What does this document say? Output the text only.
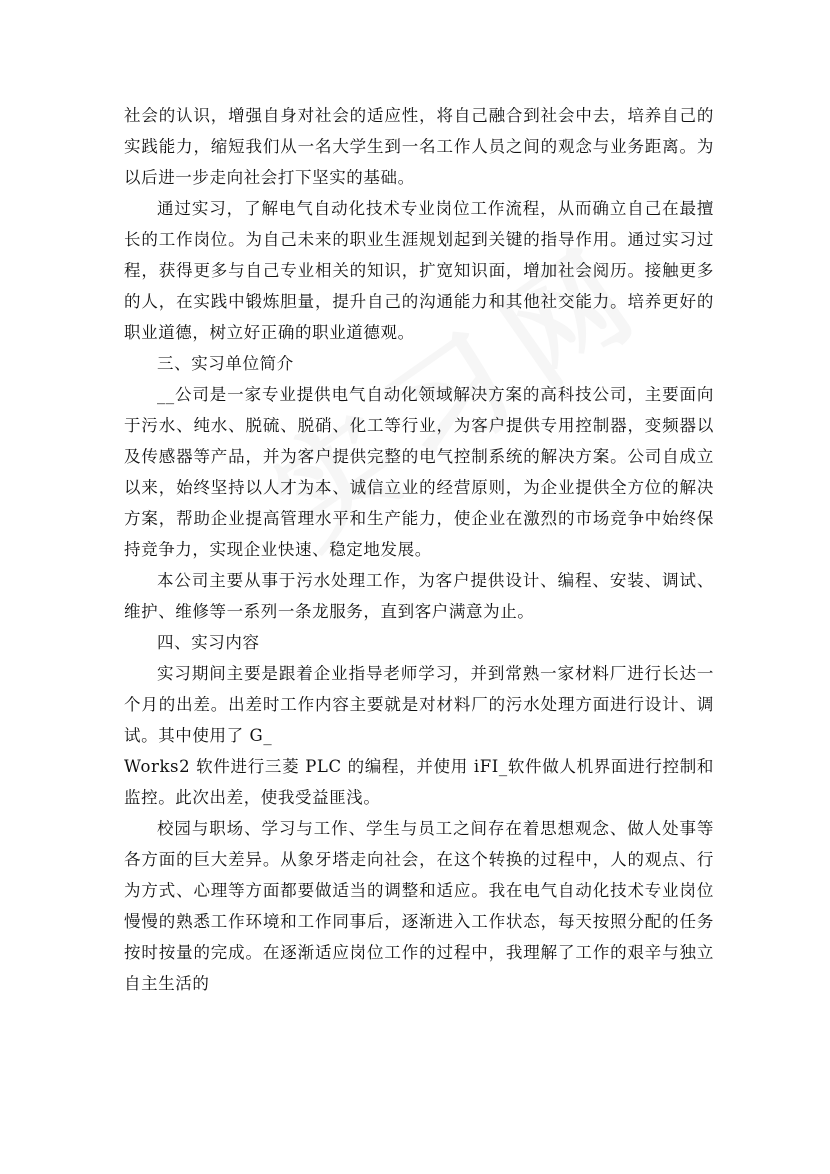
社会的认识，增强自身对社会的适应性，将自己融合到社会中去，培养自己的实践能力，缩短我们从一名大学生到一名工作人员之间的观念与业务距离。为以后进一步走向社会打下坚实的基础。

通过实习，了解电气自动化技术专业岗位工作流程，从而确立自己在最擅长的工作岗位。为自己未来的职业生涯规划起到关键的指导作用。通过实习过程，获得更多与自己专业相关的知识，扩宽知识面，增加社会阅历。接触更多的人，在实践中锻炼胆量，提升自己的沟通能力和其他社交能力。培养更好的职业道德，树立好正确的职业道德观。

三、实习单位简介

__公司是一家专业提供电气自动化领域解决方案的高科技公司，主要面向于污水、纯水、脱硫、脱硝、化工等行业，为客户提供专用控制器，变频器以及传感器等产品，并为客户提供完整的电气控制系统的解决方案。公司自成立以来，始终坚持以人才为本、诚信立业的经营原则，为企业提供全方位的解决方案，帮助企业提高管理水平和生产能力，使企业在激烈的市场竞争中始终保持竞争力，实现企业快速、稳定地发展。

本公司主要从事于污水处理工作，为客户提供设计、编程、安装、调试、维护、维修等一系列一条龙服务，直到客户满意为止。

四、实习内容

实习期间主要是跟着企业指导老师学习，并到常熟一家材料厂进行长达一个月的出差。出差时工作内容主要就是对材料厂的污水处理方面进行设计、调试。其中使用了 G_

Works2 软件进行三菱 PLC 的编程，并使用 iFI_软件做人机界面进行控制和监控。此次出差，使我受益匪浅。

校园与职场、学习与工作、学生与员工之间存在着思想观念、做人处事等各方面的巨大差异。从象牙塔走向社会，在这个转换的过程中，人的观点、行为方式、心理等方面都要做适当的调整和适应。我在电气自动化技术专业岗位慢慢的熟悉工作环境和工作同事后，逐渐进入工作状态，每天按照分配的任务按时按量的完成。在逐渐适应岗位工作的过程中，我理解了工作的艰辛与独立自主生活的
